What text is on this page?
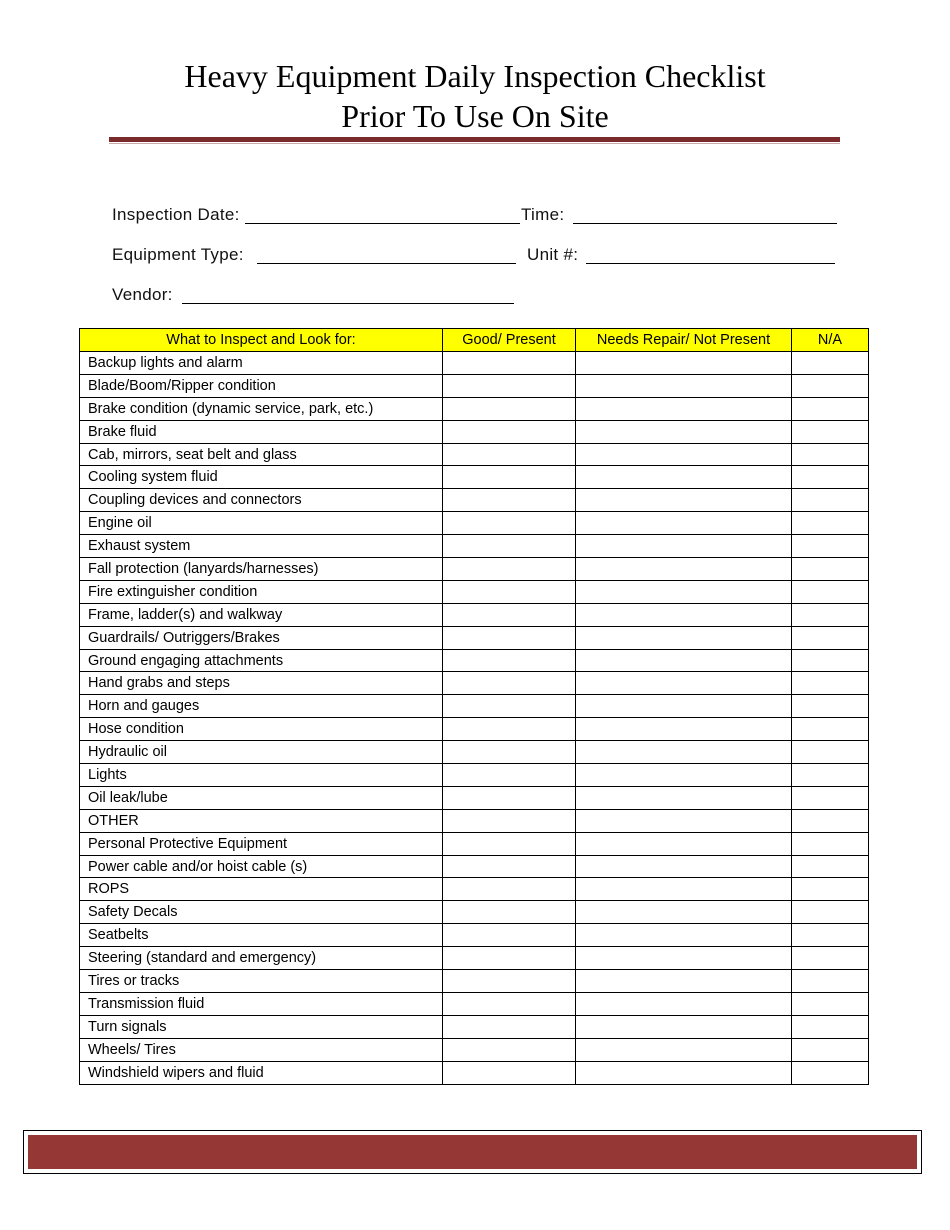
Heavy Equipment Daily Inspection Checklist
Prior To Use On Site
Inspection Date:	Time:
Equipment Type:	Unit #:
Vendor:
What to Inspect and Look for:	Good/ Present	Needs Repair/ Not Present	N/A
Backup lights and alarm			
Blade/Boom/Ripper condition			
Brake condition (dynamic service, park, etc.)			
Brake fluid			
Cab, mirrors, seat belt and glass			
Cooling system fluid			
Coupling devices and connectors			
Engine oil			
Exhaust system			
Fall protection (lanyards/harnesses)			
Fire extinguisher condition			
Frame, ladder(s) and walkway			
Guardrails/ Outriggers/Brakes			
Ground engaging attachments			
Hand grabs and steps			
Horn and gauges			
Hose condition			
Hydraulic oil			
Lights			
Oil leak/lube			
OTHER			
Personal Protective Equipment			
Power cable and/or hoist cable (s)			
ROPS			
Safety Decals			
Seatbelts			
Steering (standard and emergency)			
Tires or tracks			
Transmission fluid			
Turn signals			
Wheels/ Tires			
Windshield wipers and fluid			
